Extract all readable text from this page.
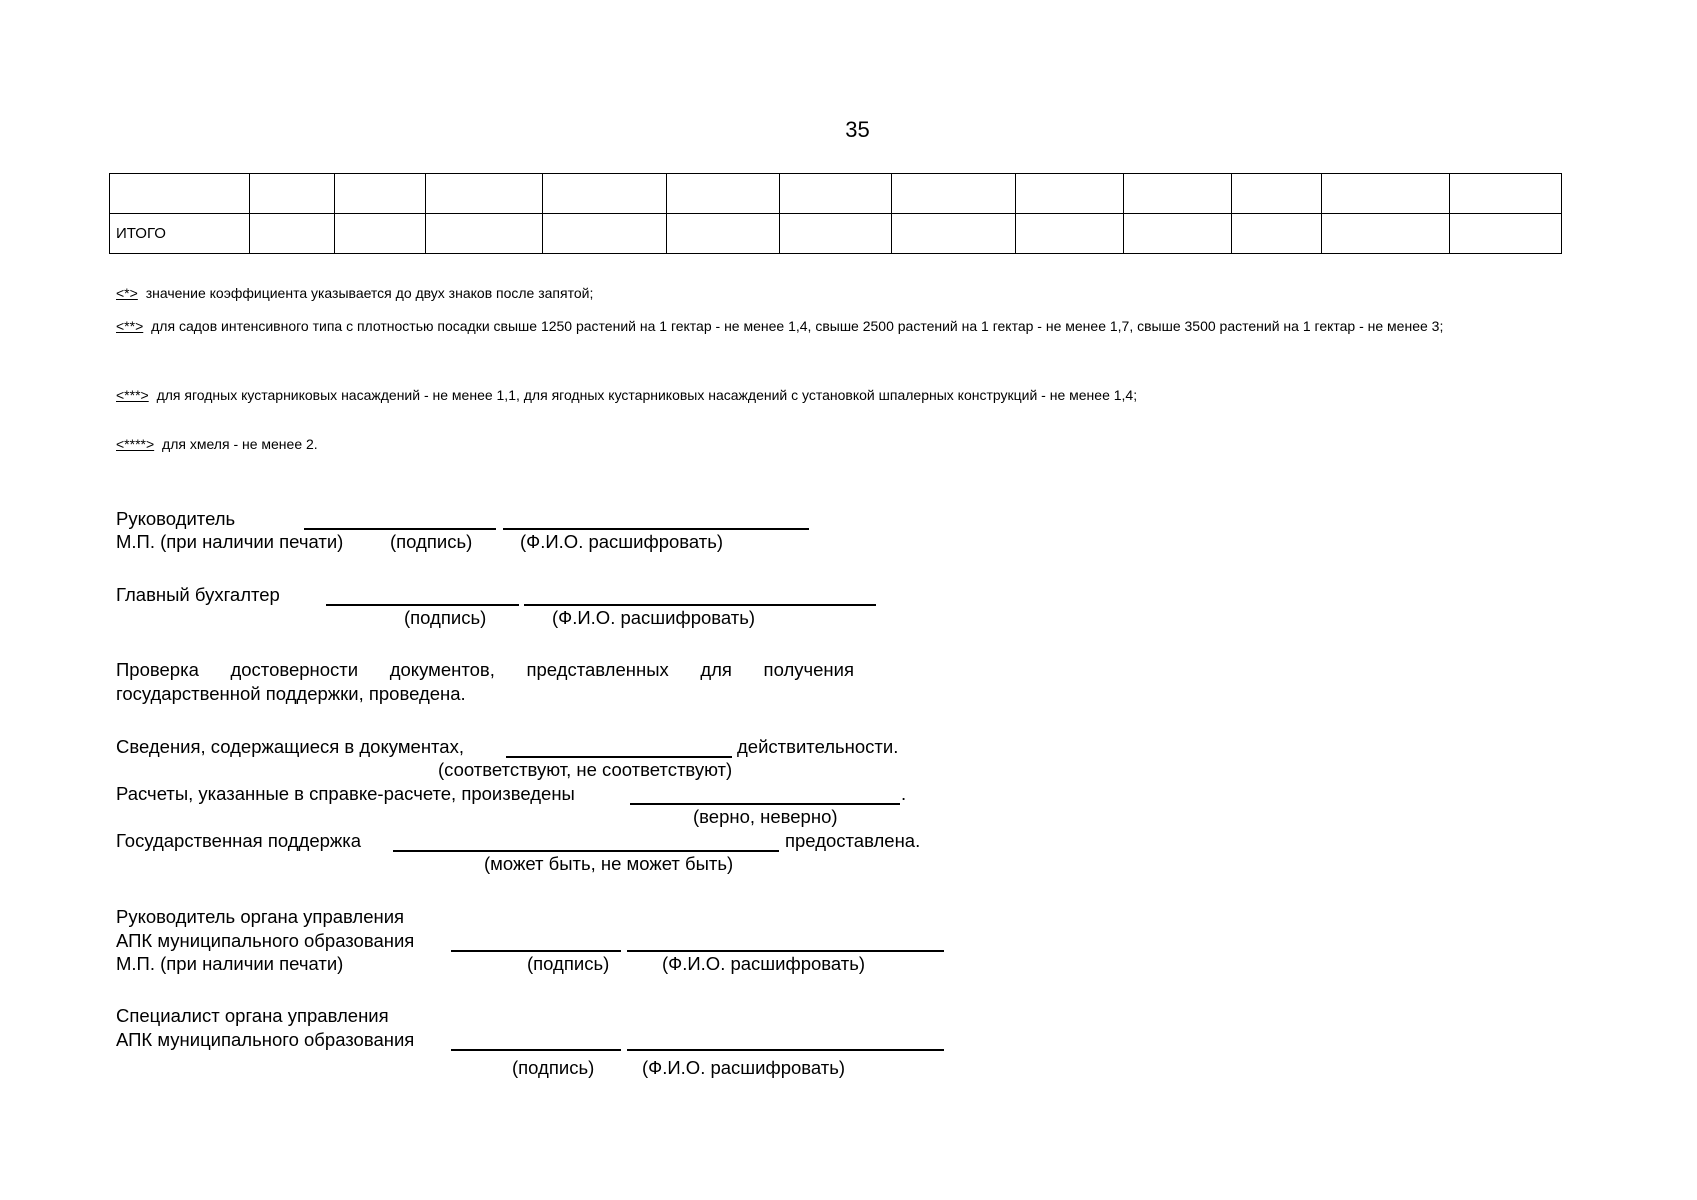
35

ИТОГО												
<*> значение коэффициента указывается до двух знаков после запятой;
<**> для садов интенсивного типа с плотностью посадки свыше 1250 растений на 1 гектар - не менее 1,4, свыше 2500 растений на 1 гектар - не менее 1,7, свыше 3500 растений на 1 гектар - не менее 3;
<***> для ягодных кустарниковых насаждений - не менее 1,1, для ягодных кустарниковых насаждений с установкой шпалерных конструкций - не менее 1,4;
<****> для хмеля - не менее 2.
Руководитель
М.П. (при наличии печати)	(подпись)	(Ф.И.О. расшифровать)
Главный бухгалтер
(подпись)	(Ф.И.О. расшифровать)
Проверка достоверности документов, представленных для получения
государственной поддержки, проведена.
Сведения, содержащиеся в документах,	действительности.
(соответствуют, не соответствуют)
Расчеты, указанные в справке-расчете, произведены	.
(верно, неверно)
Государственная поддержка	предоставлена.
(может быть, не может быть)
Руководитель органа управления
АПК муниципального образования
М.П. (при наличии печати)	(подпись)	(Ф.И.О. расшифровать)
Специалист органа управления
АПК муниципального образования
(подпись)	(Ф.И.О. расшифровать)
